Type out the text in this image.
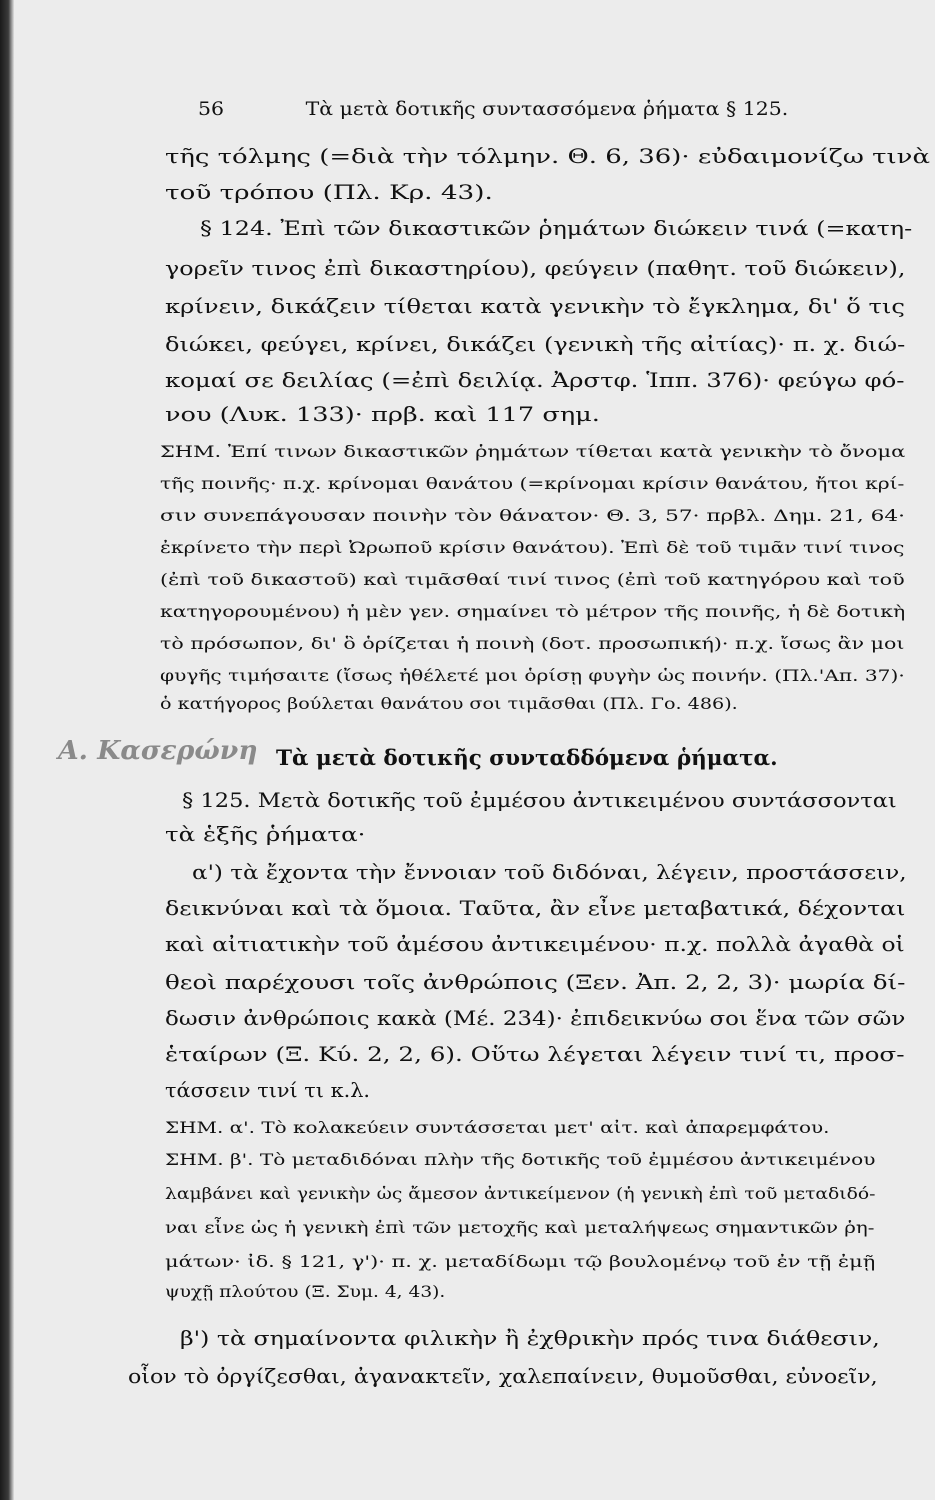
56	Τὰ μετὰ δοτικῆς συντασσόμενα ῥήματα § 125.
τῆς τόλμης (=διὰ τὴν τόλμην. Θ. 6, 36)· εὐδαιμονίζω τινὰ
τοῦ τρόπου (Πλ. Κρ. 43).
§ 124. Ἐπὶ τῶν δικαστικῶν ῥημάτων διώκειν τινά (=κατη-
γορεῖν τινος ἐπὶ δικαστηρίου), φεύγειν (παθητ. τοῦ διώκειν),
κρίνειν, δικάζειν τίθεται κατὰ γενικὴν τὸ ἔγκλημα, δι' ὅ τις
διώκει, φεύγει, κρίνει, δικάζει (γενικὴ τῆς αἰτίας)· π. χ. διώ-
κομαί σε δειλίας (=ἐπὶ δειλίᾳ. Ἀρστφ. Ἱππ. 376)· φεύγω φό-
νου (Λυκ. 133)· πρβ. καὶ 117 σημ.
ΣΗΜ. Ἐπί τινων δικαστικῶν ῥημάτων τίθεται κατὰ γενικὴν τὸ ὄνομα
τῆς ποινῆς· π.χ. κρίνομαι θανάτου (=κρίνομαι κρίσιν θανάτου, ἤτοι κρί-
σιν συνεπάγουσαν ποινὴν τὸν θάνατον· Θ. 3, 57· πρβλ. Δημ. 21, 64·
ἐκρίνετο τὴν περὶ Ὠρωποῦ κρίσιν θανάτου). Ἐπὶ δὲ τοῦ τιμᾶν τινί τινος
(ἐπὶ τοῦ δικαστοῦ) καὶ τιμᾶσθαί τινί τινος (ἐπὶ τοῦ κατηγόρου καὶ τοῦ
κατηγορουμένου) ἡ μὲν γεν. σημαίνει τὸ μέτρον τῆς ποινῆς, ἡ δὲ δοτικὴ
τὸ πρόσωπον, δι' ὃ ὁρίζεται ἡ ποινὴ (δοτ. προσωπική)· π.χ. ἴσως ἂν μοι
φυγῆς τιμήσαιτε (ἴσως ἠθέλετέ μοι ὁρίσῃ φυγὴν ὡς ποινήν. (Πλ.'Απ. 37)·
ὁ κατήγορος βούλεται θανάτου σοι τιμᾶσθαι (Πλ. Γο. 486).
Α. Κασερώνη Τὰ μετὰ δοτικῆς συνταδδόμενα ῥήματα.
§ 125. Μετὰ δοτικῆς τοῦ ἐμμέσου ἀντικειμένου συντάσσονται
τὰ ἑξῆς ῥήματα·
α') τὰ ἔχοντα τὴν ἔννοιαν τοῦ διδόναι, λέγειν, προστάσσειν,
δεικνύναι καὶ τὰ ὅμοια. Ταῦτα, ἂν εἶνε μεταβατικά, δέχονται
καὶ αἰτιατικὴν τοῦ ἀμέσου ἀντικειμένου· π.χ. πολλὰ ἀγαθὰ οἱ
θεοὶ παρέχουσι τοῖς ἀνθρώποις (Ξεν. Ἀπ. 2, 2, 3)· μωρία δί-
δωσιν ἀνθρώποις κακὰ (Μέ. 234)· ἐπιδεικνύω σοι ἕνα τῶν σῶν
ἑταίρων (Ξ. Κύ. 2, 2, 6). Οὕτω λέγεται λέγειν τινί τι, προσ-
τάσσειν τινί τι κ.λ.
ΣΗΜ. α'. Τὸ κολακεύειν συντάσσεται μετ' αἰτ. καὶ ἀπαρεμφάτου.
ΣΗΜ. β'. Τὸ μεταδιδόναι πλὴν τῆς δοτικῆς τοῦ ἐμμέσου ἀντικειμένου
λαμβάνει καὶ γενικὴν ὡς ἄμεσον ἀντικείμενον (ἡ γενικὴ ἐπὶ τοῦ μεταδιδό-
ναι εἶνε ὡς ἡ γενικὴ ἐπὶ τῶν μετοχῆς καὶ μεταλήψεως σημαντικῶν ῥη-
μάτων· ἰδ. § 121, γ')· π. χ. μεταδίδωμι τῷ βουλομένῳ τοῦ ἐν τῇ ἐμῇ
ψυχῇ πλούτου (Ξ. Συμ. 4, 43).
β') τὰ σημαίνοντα φιλικὴν ἢ ἐχθρικὴν πρός τινα διάθεσιν,
οἷον τὸ ὀργίζεσθαι, ἀγανακτεῖν, χαλεπαίνειν, θυμοῦσθαι, εὐνοεῖν,
